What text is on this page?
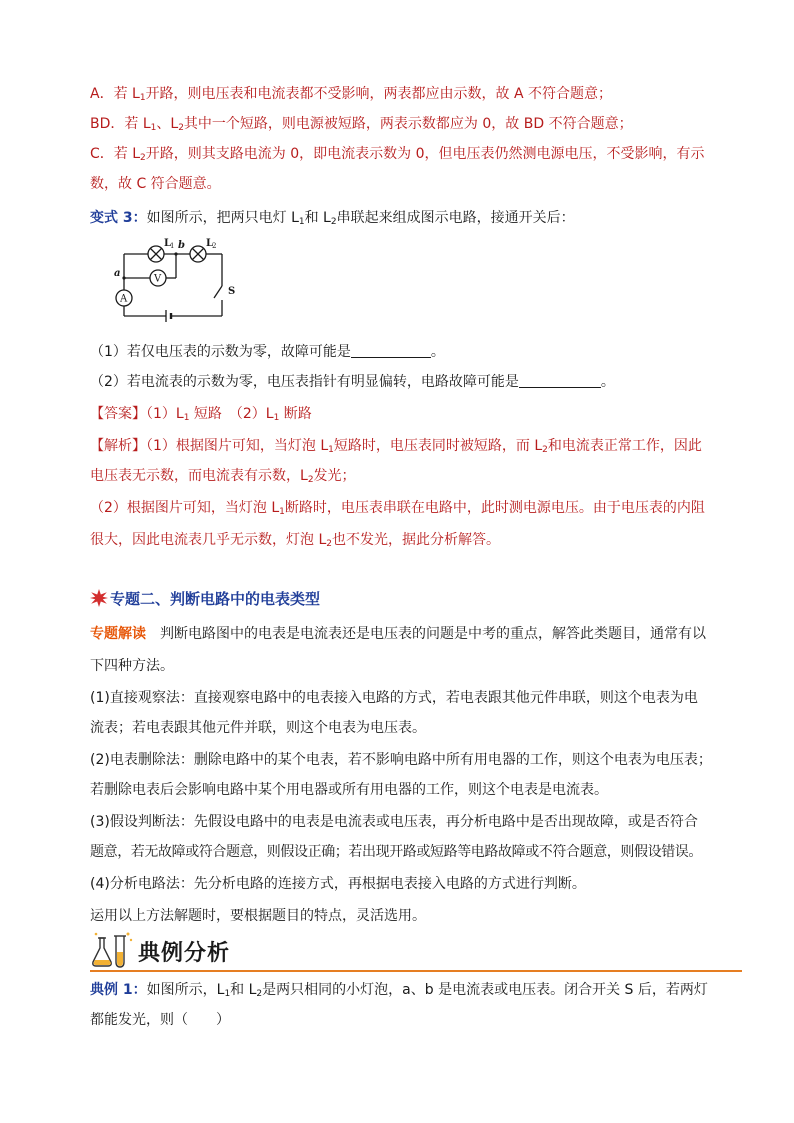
A．若 $L_1$开路，则电压表和电流表都不受影响，两表都应由示数，故 A 不符合题意；
BD．若 $L_1$、$L_2$其中一个短路，则电源被短路，两表示数都应为 0，故 BD 不符合题意；
C．若 $L_2$开路，则其支路电流为 0，即电流表示数为 0，但电压表仍然测电源电压，不受影响，有示
数，故 C 符合题意。
变式 3：如图所示，把两只电灯 $L_1$和 $L_2$串联起来组成图示电路，接通开关后：
V
A
a
b
L
1	L
2
S
（1）若仅电压表的示数为零，故障可能是	。
（2）若电流表的示数为零，电压表指针有明显偏转，电路故障可能是	。
【答案】$(1)L_1$ 短路　$(2)L_1$ 断路
【解析】（1）根据图片可知，当灯泡 $L_1$短路时，电压表同时被短路，而 $L_2$和电流表正常工作，因此
电压表无示数，而电流表有示数，$L_2$发光；
（2）根据图片可知，当灯泡 $L_1$断路时，电压表串联在电路中，此时测电源电压。由于电压表的内阻
很大，因此电流表几乎无示数，灯泡 $L_2$也不发光，据此分析解答。
专题二、判断电路中的电表类型
专题解读　 判断电路图中的电表是电流表还是电压表的问题是中考的重点，解答此类题目，通常有以
下四种方法。
(1)直接观察法：直接观察电路中的电表接入电路的方式，若电表跟其他元件串联，则这个电表为电
流表；若电表跟其他元件并联，则这个电表为电压表。
(2)电表删除法：删除电路中的某个电表，若不影响电路中所有用电器的工作，则这个电表为电压表；
若删除电表后会影响电路中某个用电器或所有用电器的工作，则这个电表是电流表。
(3)假设判断法：先假设电路中的电表是电流表或电压表，再分析电路中是否出现故障，或是否符合
题意，若无故障或符合题意，则假设正确；若出现开路或短路等电路故障或不符合题意，则假设错误。
(4)分析电路法：先分析电路的连接方式，再根据电表接入电路的方式进行判断。
运用以上方法解题时，要根据题目的特点，灵活选用。
典例分析
典例 1：如图所示，$L_1$和 $L_2$是两只相同的小灯泡，a、b 是电流表或电压表。闭合开关 S 后，若两灯
都能发光，则（　　）
